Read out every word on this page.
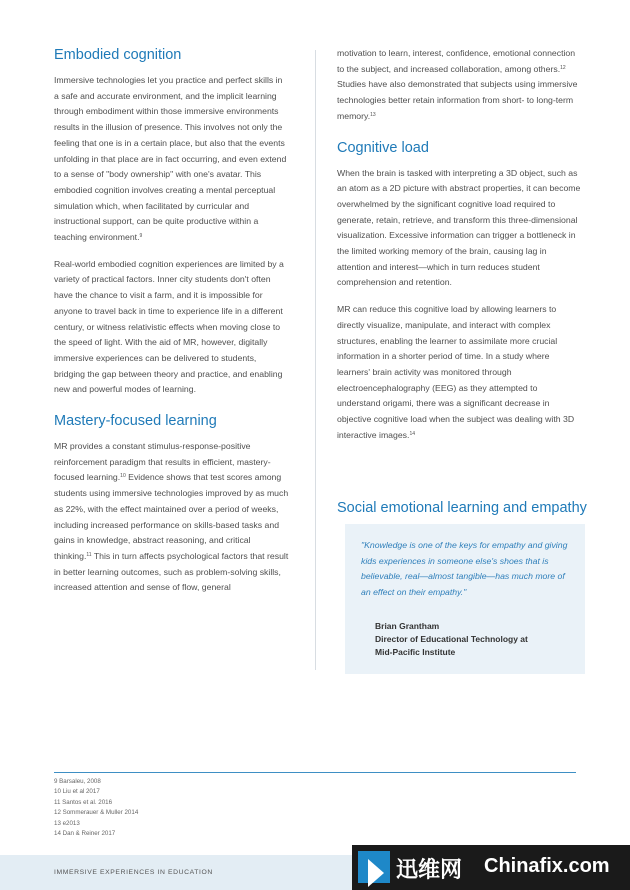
Embodied cognition

Immersive technologies let you practice and perfect skills in a safe and accurate environment, and the implicit learning through embodiment within those immersive environments results in the illusion of presence. This involves not only the feeling that one is in a certain place, but also that the events unfolding in that place are in fact occurring, and even extend to a sense of "body ownership" with one's avatar. This embodied cognition involves creating a mental perceptual simulation which, when facilitated by curricular and instructional support, can be quite productive within a teaching environment.$^9$

Real-world embodied cognition experiences are limited by a variety of practical factors. Inner city students don't often have the chance to visit a farm, and it is impossible for anyone to travel back in time to experience life in a different century, or witness relativistic effects when moving close to the speed of light. With the aid of MR, however, digitally immersive experiences can be delivered to students, bridging the gap between theory and practice, and enabling new and powerful modes of learning.

Mastery-focused learning

MR provides a constant stimulus-response-positive reinforcement paradigm that results in efficient, mastery-focused learning.$^{10}$ Evidence shows that test scores among students using immersive technologies improved by as much as 22%, with the effect maintained over a period of weeks, including increased performance on skills-based tasks and gains in knowledge, abstract reasoning, and critical thinking.$^{11}$ This in turn affects psychological factors that result in better learning outcomes, such as problem-solving skills, increased attention and sense of flow, general

motivation to learn, interest, confidence, emotional connection to the subject, and increased collaboration, among others.$^{12}$ Studies have also demonstrated that subjects using immersive technologies better retain information from short- to long-term memory.$^{13}$

Cognitive load

When the brain is tasked with interpreting a 3D object, such as an atom as a 2D picture with abstract properties, it can become overwhelmed by the significant cognitive load required to generate, retain, retrieve, and transform this three-dimensional visualization. Excessive information can trigger a bottleneck in the limited working memory of the brain, causing lag in attention and interest—which in turn reduces student comprehension and retention.

MR can reduce this cognitive load by allowing learners to directly visualize, manipulate, and interact with complex structures, enabling the learner to assimilate more crucial information in a shorter period of time. In a study where learners' brain activity was monitored through electroencephalography (EEG) as they attempted to understand origami, there was a significant decrease in objective cognitive load when the subject was dealing with 3D interactive images.$^{14}$

Social emotional learning and empathy
"Knowledge is one of the keys for empathy and giving kids experiences in someone else's shoes that is believable, real—almost tangible—has much more of an effect on their empathy."
Brian Grantham
Director of Educational Technology at
Mid-Pacific Institute
9 Barsaleu, 2008
10 Liu et al 2017
11 Santos et al. 2016
12 Sommerauer & Muller 2014
13 e2013
14 Dan & Reiner 2017
IMMERSIVE EXPERIENCES IN EDUCATION	迅维网 Chinafix.com
